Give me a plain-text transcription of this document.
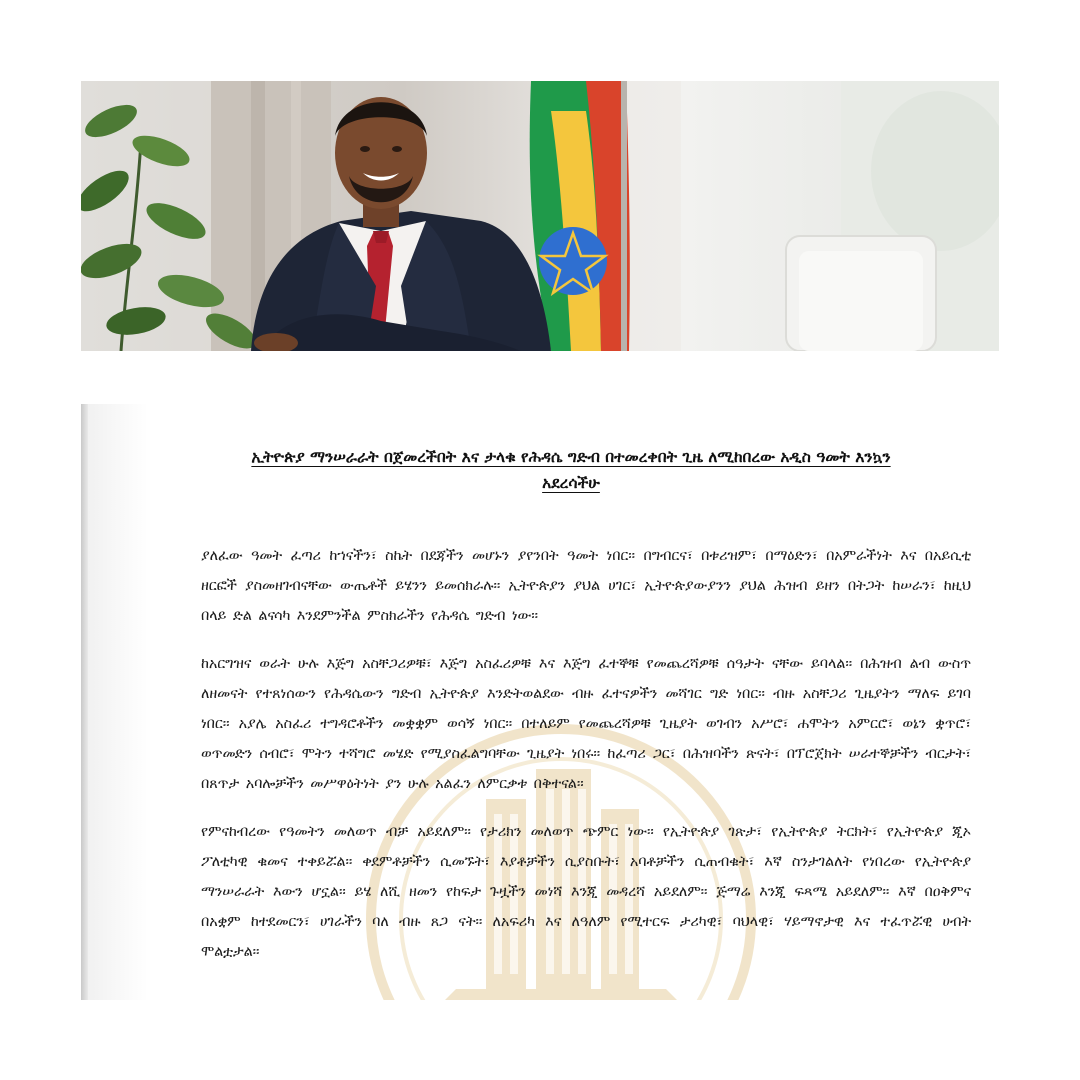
ኢትዮጵያ ማንሠራራት በጀመረችበት እና ታላቁ የሕዳሴ ግድብ በተመረቀበት ጊዜ ለሚከበረው አዲስ ዓመት እንኳን አደረሳችሁ

ያለፈው ዓመት ፈጣሪ ከኀናችን፣ ስኬት በደጃችን መሆኑን ያየንበት ዓመት ነበር፡፡ በግብርና፣ በቱሪዝም፣ በማዕድን፣ በአምራችነት እና በአይሲቲ ዘርፎች ያስመዘገብናቸው ውጤቶች ይሄንን ይመሰክራሉ፡፡ ኢትዮጵያን ያህል ሀገር፣ ኢትዮጵያውያንን ያህል ሕዝብ ይዘን በትጋት ከሠራን፣ ከዚህ በላይ ድል ልናሳካ እንደምንችል ምስክራችን የሕዳሴ ግድብ ነው፡፡

ከአርግዝና ወራት ሁሉ እጅግ አስቸጋሪዎቹ፣ እጅግ አስፈሪዎቹ እና እጅግ ፈተኞቹ የመጨረሻዎቹ ሰዓታት ናቸው ይባላል፡፡ በሕዝብ ልብ ውስጥ ለዘመናት የተጸነሰውን የሕዳሴውን ግድብ ኢትዮጵያ እንድትወልደው ብዙ ፈተናዎችን መሻገር ግድ ነበር፡፡ ብዙ አስቸጋሪ ጊዜያትን ማለፍ ይገባ ነበር፡፡ አያሌ አስፈሪ ተግዳሮቶችን መቋቋም ወሳኝ ነበር፡፡ በተለይም የመጨረሻዎቹ ጊዜያት ወገብን አሥሮ፣ ሐሞትን አምርሮ፣ ወኔን ቋጥሮ፣ ወጥመድን ሰብሮ፣ ሞትን ተሻግሮ መሄድ የሚያስፈልግባቸው ጊዜያት ነበሩ፡፡ ከፈጣሪ ጋር፣ በሕዝባችን ጽናት፣ በፕሮጀክት ሠራተኞቻችን ብርታት፣ በጸጥታ አባሎቻችን መሥዋዕትነት ያን ሁሉ አልፈን ለምርቃቱ በቅተናል፡፡

የምናከብረው የዓመትን መለወጥ ብቻ አይደለም፡፡ የታሪክን መለወጥ ጭምር ነው፡፡ የኢትዮጵያ ገጽታ፣ የኢትዮጵያ ትርክት፣ የኢትዮጵያ ጂኦ ፖለቲካዊ ቁመና ተቀይሯል፡፡ ቀደምቶቻችን ሲመኙት፣ እያቶቻችን ሲያስቡት፣ አባቶቻችን ሲጠብቁት፣ እኛ ስንታገልለት የነበረው የኢትዮጵያ ማንሠራራት እውን ሆኗል፡፡ ይሄ ለሺ ዘመን የከፍታ ጉዟችን መነሻ እንጂ መዳረሻ አይደለም፡፡ ጅማሬ እንጂ ፍጻሜ አይደለም፡፡ እኛ በዐቅምና በአቋም ከተደመርን፣ ሀገራችን ባለ ብዙ ጸጋ ናት፡፡ ለአፍሪካ እና ለዓለም የሚተርፍ ታሪካዊ፣ ባህላዊ፣ ሃይማኖታዊ እና ተፈጥሯዊ ሀብት ሞልቷታል፡፡
